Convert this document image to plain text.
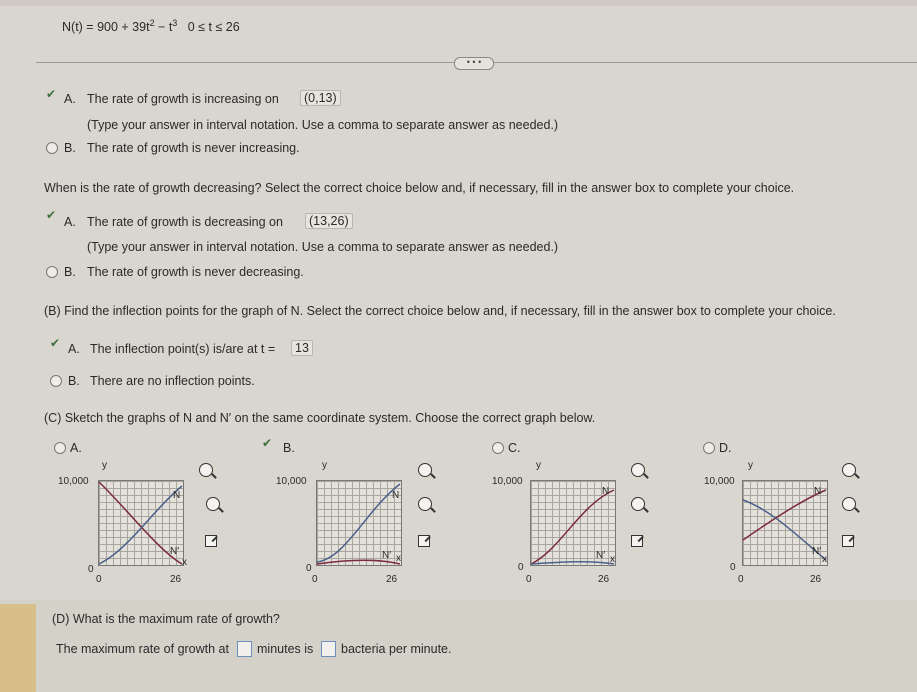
$N(t) = 900 + 39t^2 - t^3$ 0 ≤ t ≤ 26
• • •
✔ A. The rate of growth is increasing on	(0,13)
(Type your answer in interval notation. Use a comma to separate answer as needed.)
B. The rate of growth is never increasing.
When is the rate of growth decreasing? Select the correct choice below and, if necessary, fill in the answer box to complete your choice.
✔ A. The rate of growth is decreasing on	(13,26)
(Type your answer in interval notation. Use a comma to separate answer as needed.)
B. The rate of growth is never decreasing.
(B) Find the inflection points for the graph of N. Select the correct choice below and, if necessary, fill in the answer box to complete your choice.
✔ A. The inflection point(s) is/are at t =	13
B. There are no inflection points.
(C) Sketch the graphs of N and N′ on the same coordinate system. Choose the correct graph below.
A.	✔ B.	C.	D.
y
10,000
N
N′
x
0
0	26
y
10,000
N
N′ x
0
0	26
y
10,000
N
N′ x
0
0	26
y
10,000
N
N′
x
0
0	26
(D) What is the maximum rate of growth?
The maximum rate of growth at minutes is bacteria per minute.
